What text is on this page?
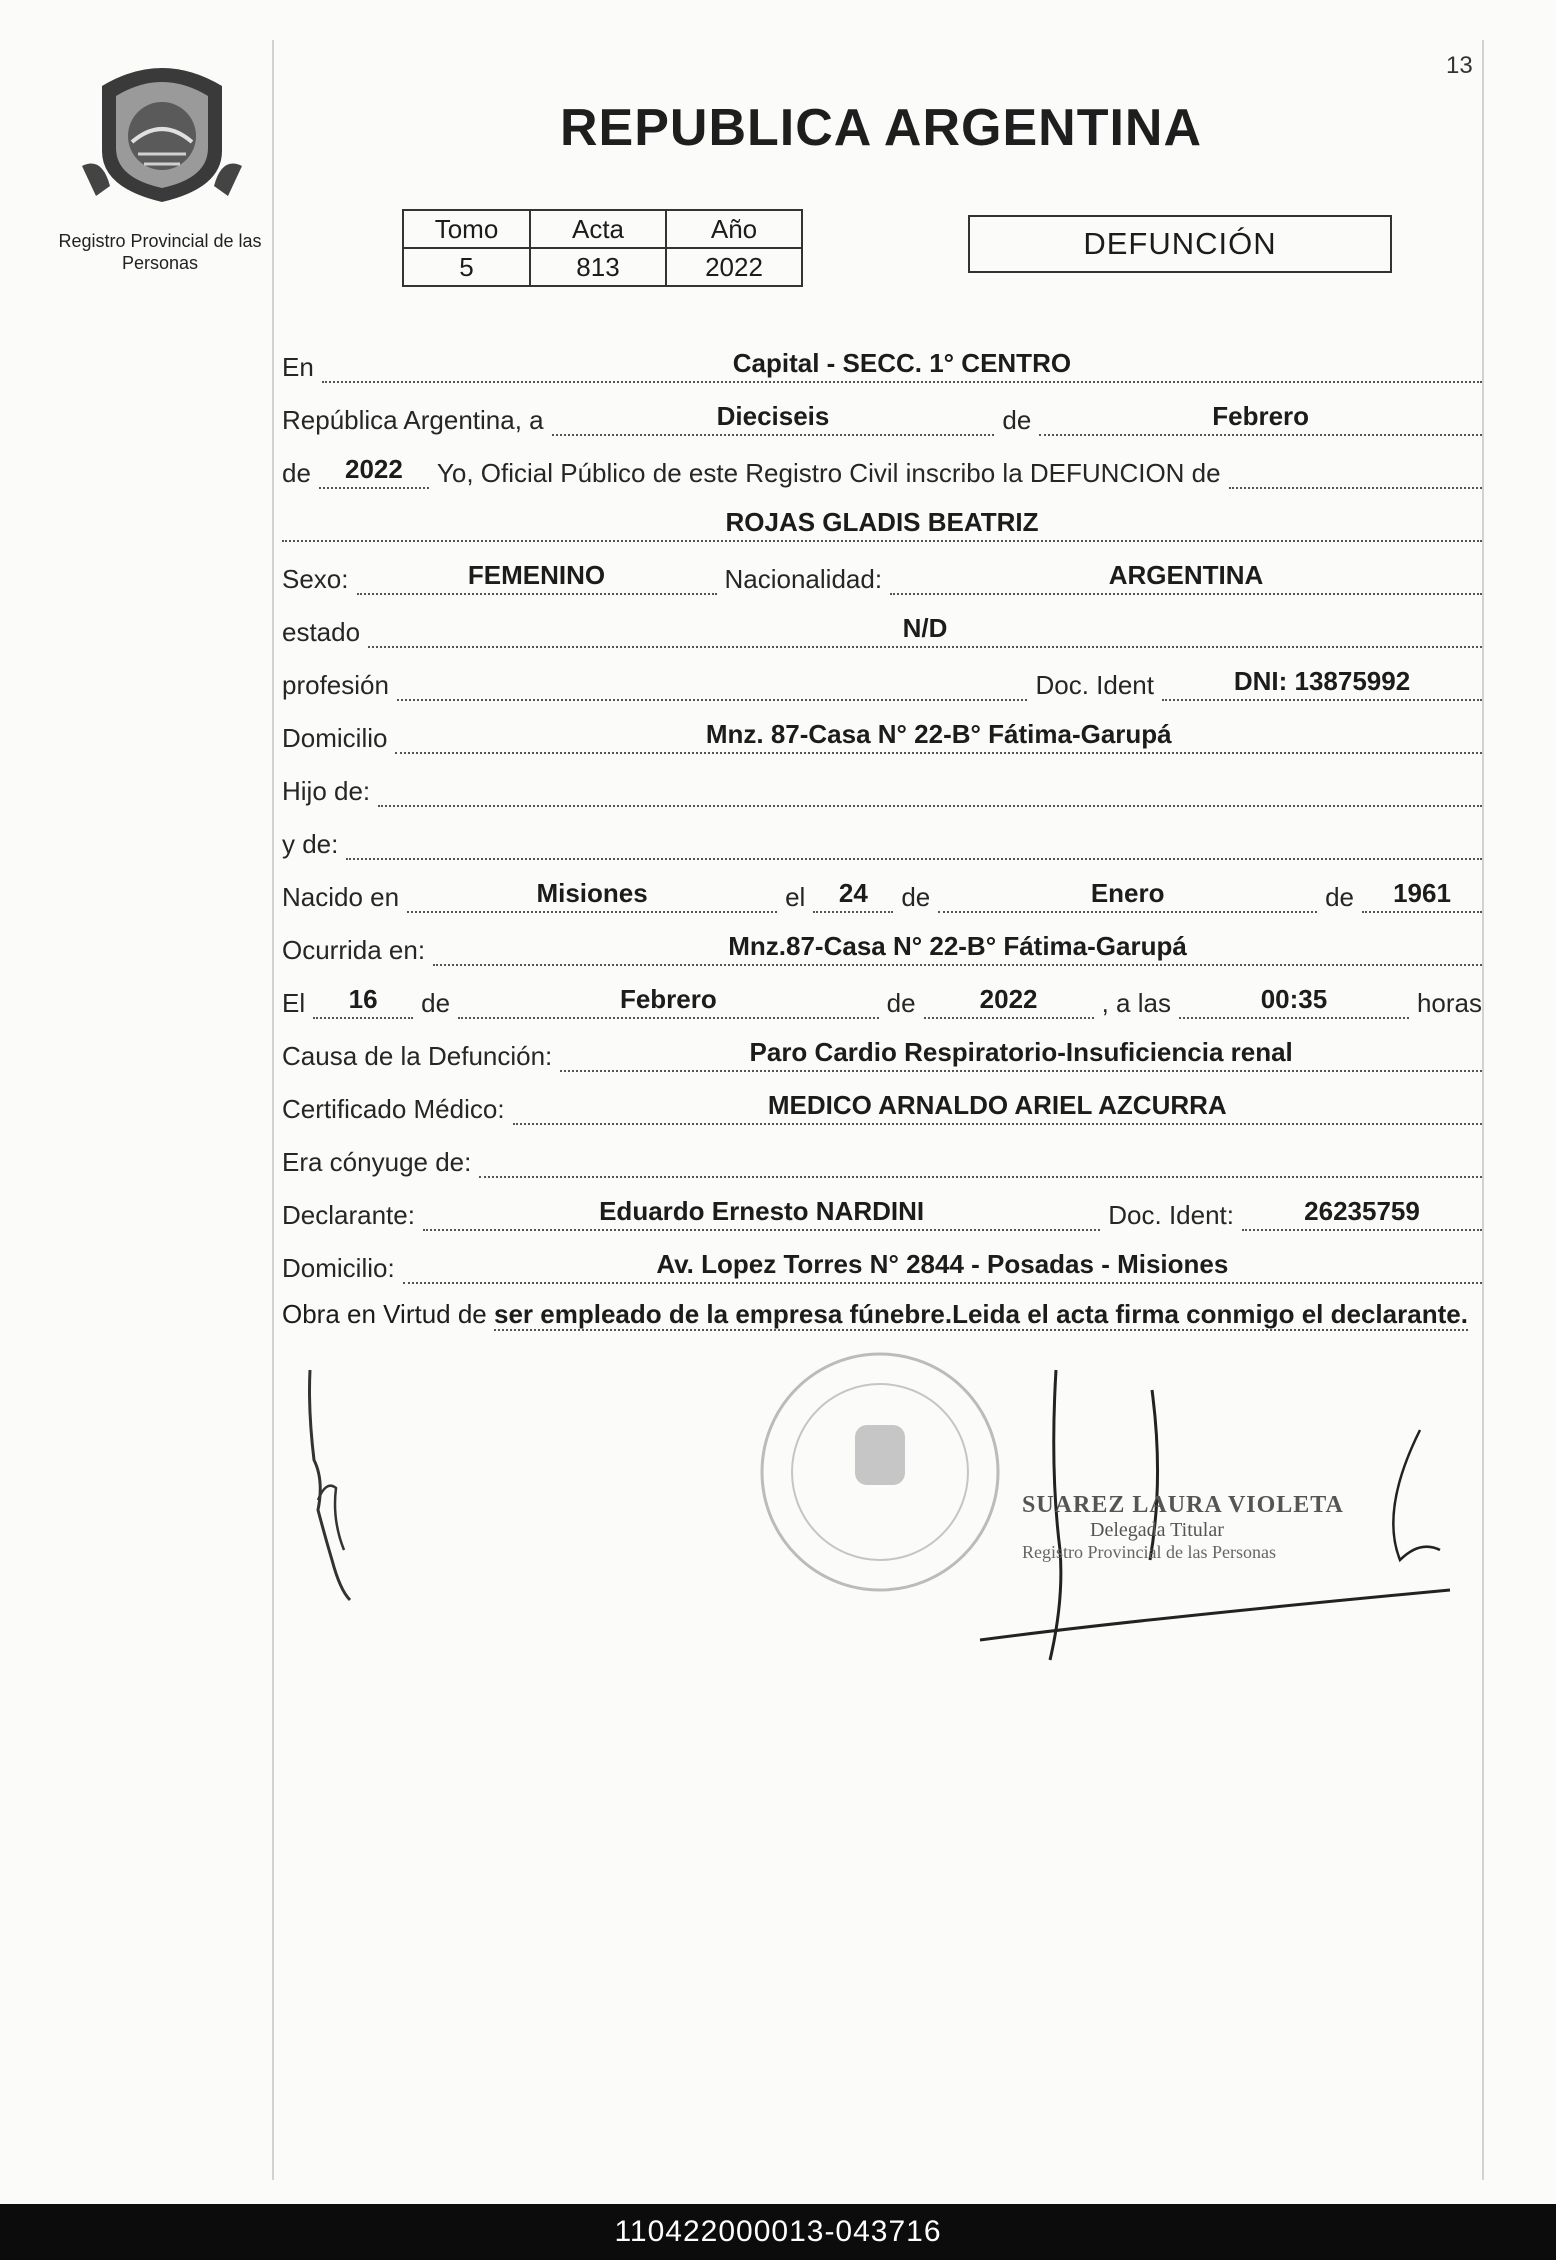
13
Registro Provincial de las Personas
REPUBLICA ARGENTINA
Tomo	Acta	Año
5	813	2022
DEFUNCIÓN
En	Capital - SECC. 1° CENTRO
República Argentina, a	Dieciseis	de	Febrero
de	2022	Yo, Oficial Público de este Registro Civil inscribo la DEFUNCION de
ROJAS GLADIS BEATRIZ
Sexo:	FEMENINO	Nacionalidad:	ARGENTINA
estado	N/D
profesión	Doc. Ident	DNI: 13875992
Domicilio	Mnz. 87-Casa N° 22-B° Fátima-Garupá
Hijo de:
y de:
Nacido en	Misiones	el	24	de	Enero	de	1961
Ocurrida en:	Mnz.87-Casa N° 22-B° Fátima-Garupá
El	16	de	Febrero	de	2022	, a las	00:35	horas
Causa de la Defunción:	Paro Cardio Respiratorio-Insuficiencia renal
Certificado Médico:	MEDICO ARNALDO ARIEL AZCURRA
Era cónyuge de:
Declarante:	Eduardo Ernesto NARDINI	Doc. Ident:	26235759
Domicilio:	Av. Lopez Torres N° 2844 - Posadas - Misiones
Obra en Virtud de ser empleado de la empresa fúnebre.Leida el acta firma conmigo el declarante.
SUAREZ LAURA VIOLETA
Delegada Titular
Registro Provincial de las Personas
110422000013-043716
